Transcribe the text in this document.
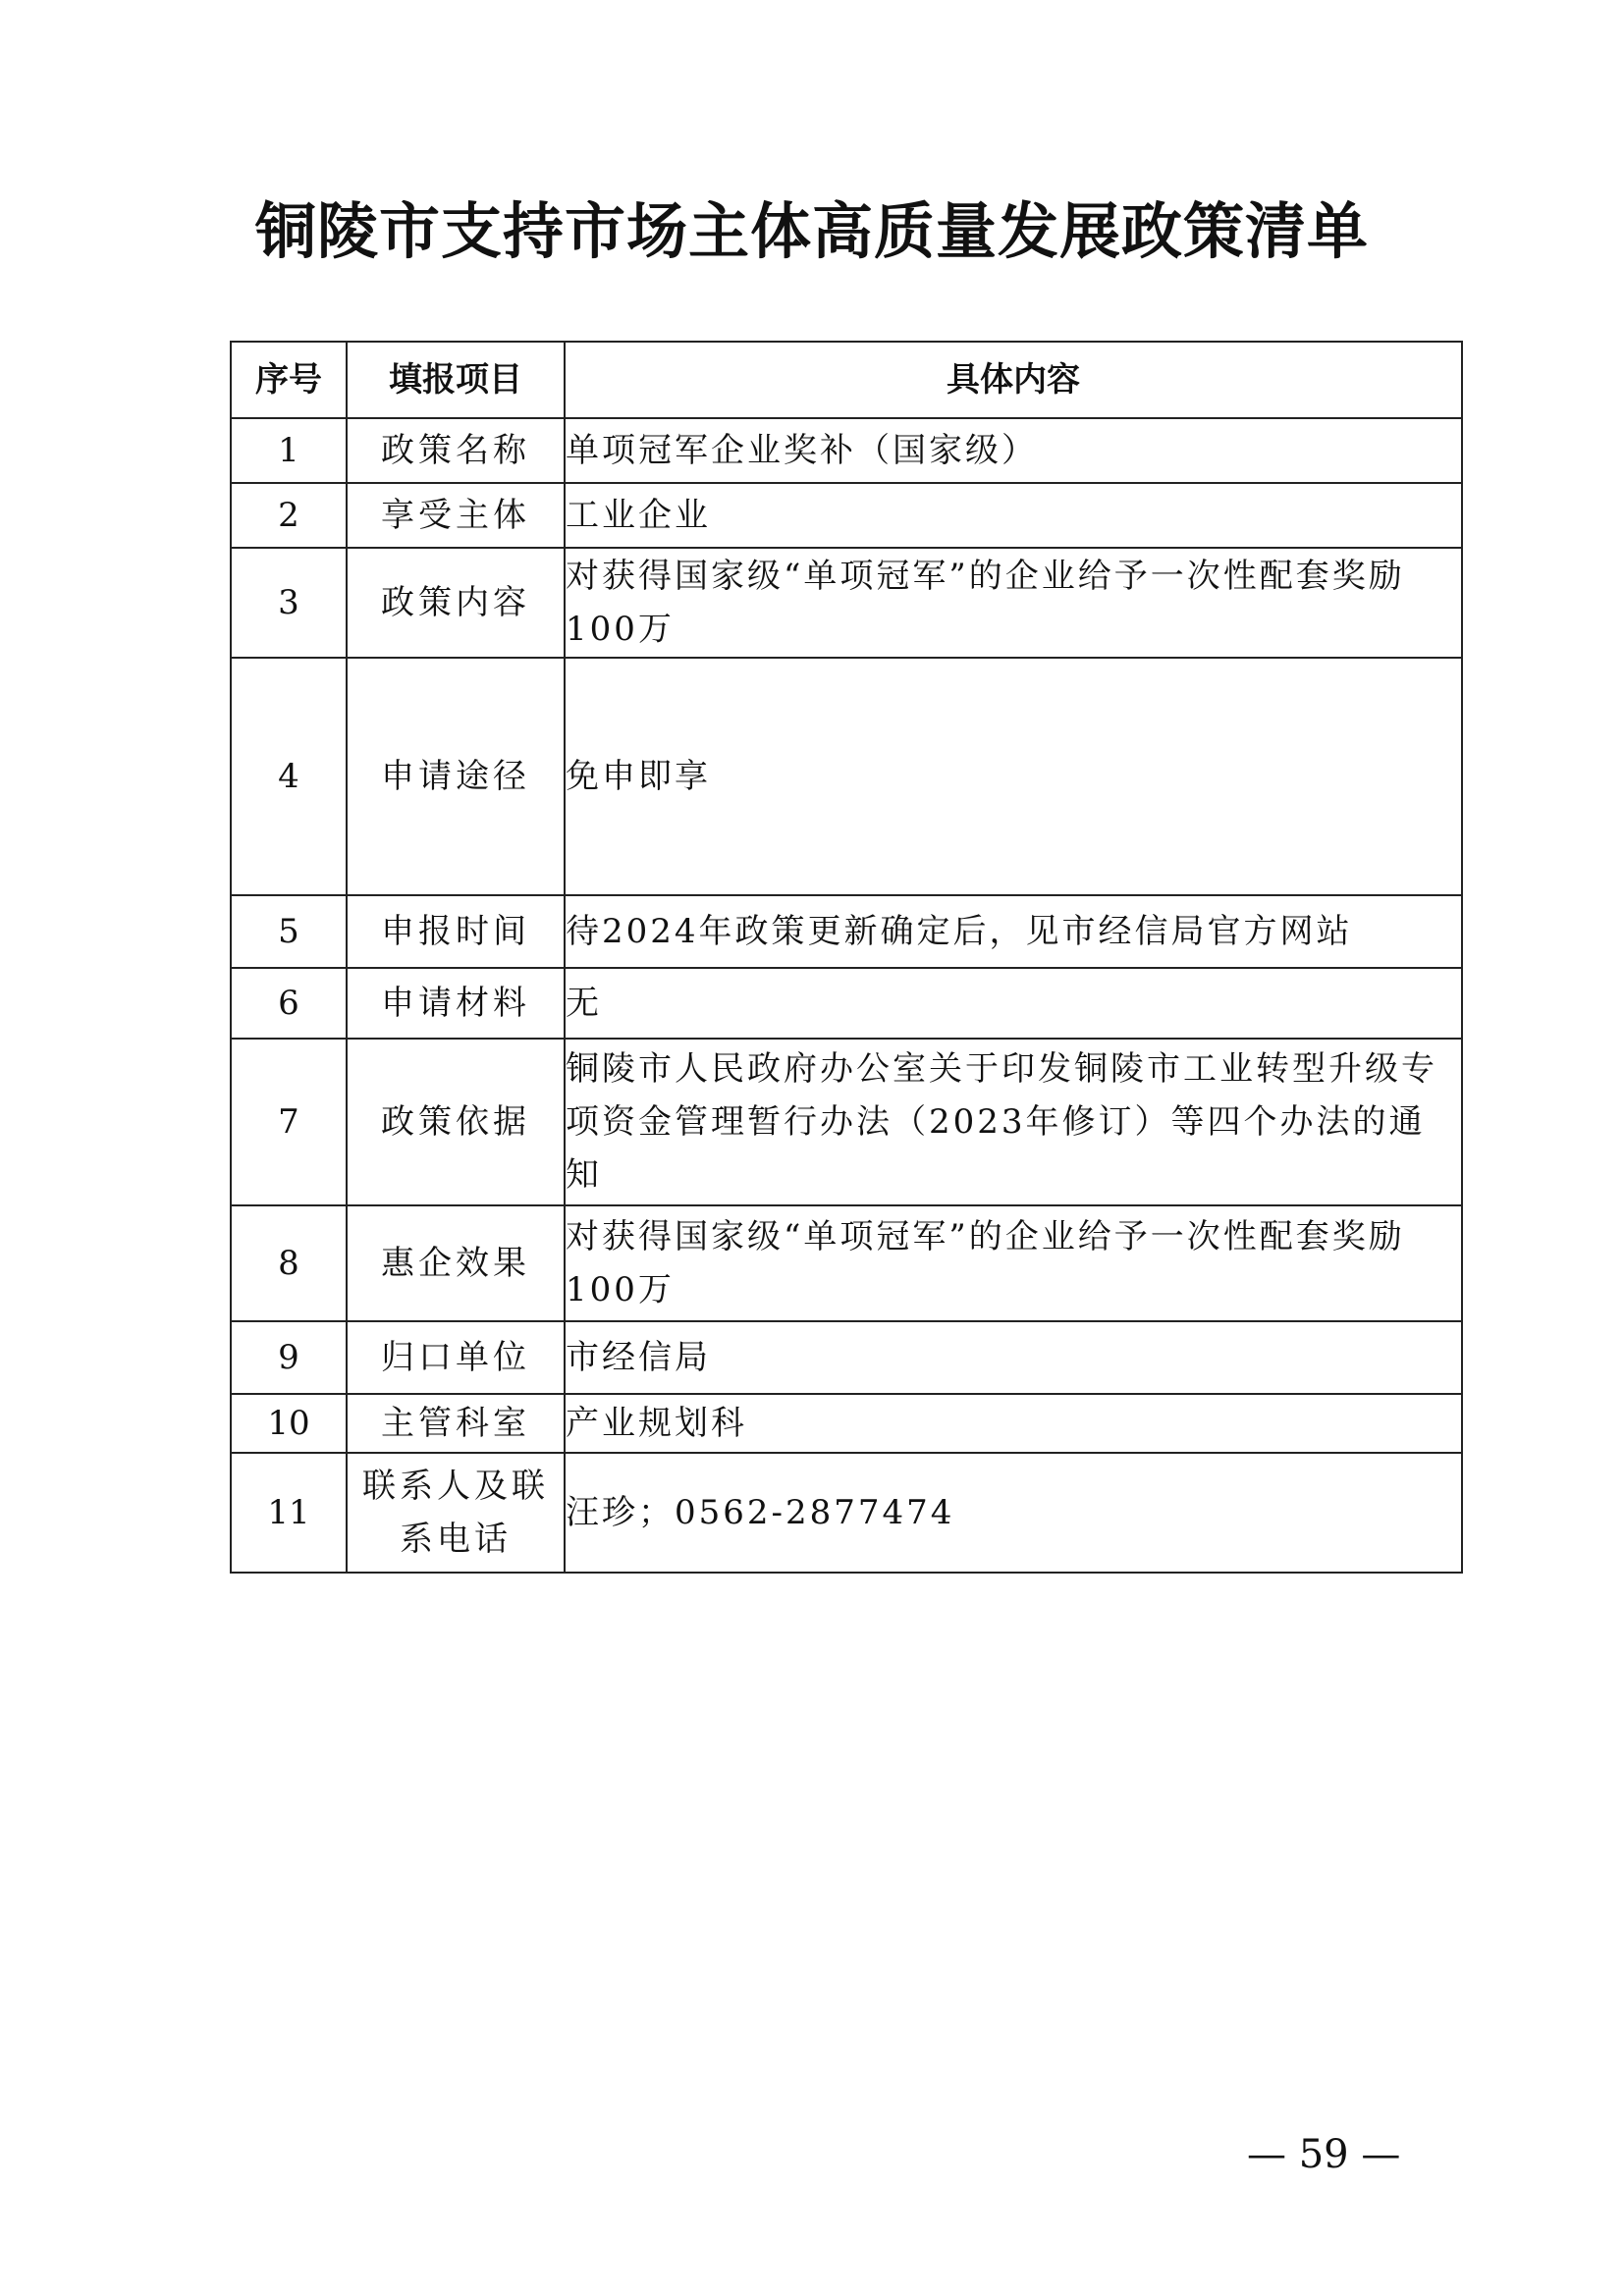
铜陵市支持市场主体高质量发展政策清单
序号	填报项目	具体内容
1	政策名称	单项冠军企业奖补（国家级）
2	享受主体	工业企业
3	政策内容	对获得国家级“单项冠军”的企业给予一次性配套奖励100万
4	申请途径	免申即享
5	申报时间	待2024年政策更新确定后，见市经信局官方网站
6	申请材料	无
7	政策依据	铜陵市人民政府办公室关于印发铜陵市工业转型升级专项资金管理暂行办法（2023年修订）等四个办法的通知
8	惠企效果	对获得国家级“单项冠军”的企业给予一次性配套奖励100万
9	归口单位	市经信局
10	主管科室	产业规划科
11	联系人及联系电话	汪珍；0562-2877474
— 59 —
